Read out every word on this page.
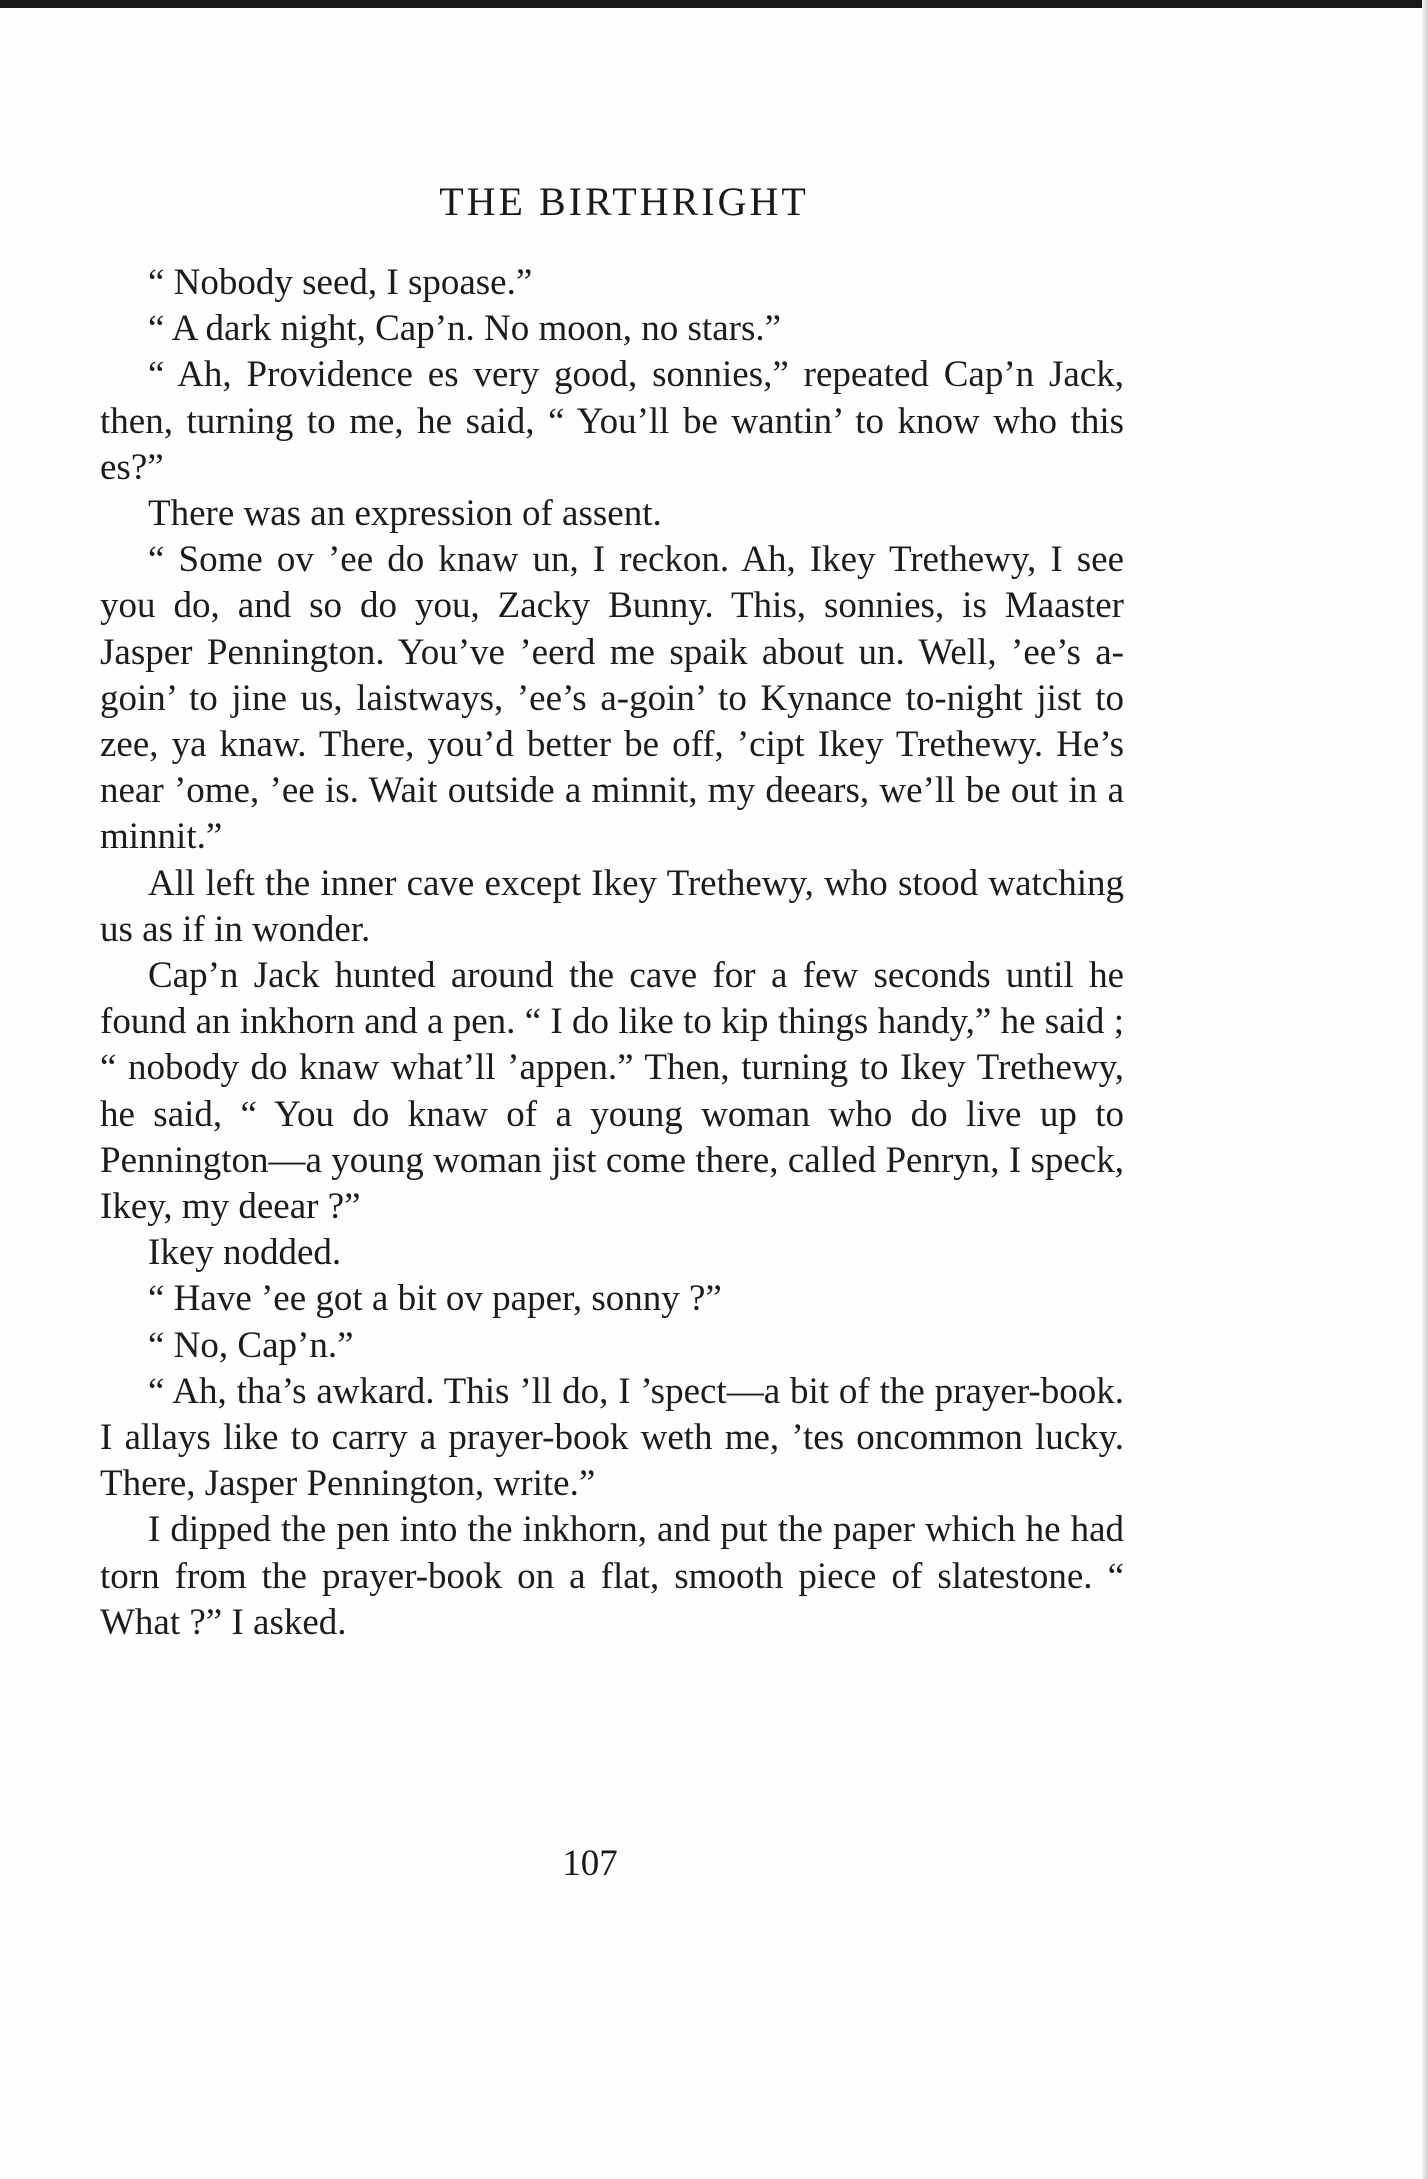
THE BIRTHRIGHT

“ Nobody seed, I spoase.”

“ A dark night, Cap’n. No moon, no stars.”

“ Ah, Providence es very good, sonnies,” repeated Cap’n Jack, then, turning to me, he said, “ You’ll be wantin’ to know who this es?”

There was an expression of assent.

“ Some ov ’ee do knaw un, I reckon. Ah, Ikey Trethewy, I see you do, and so do you, Zacky Bunny. This, sonnies, is Maaster Jasper Pennington. You’ve ’eerd me spaik about un. Well, ’ee’s a-goin’ to jine us, laistways, ’ee’s a-goin’ to Kynance to-night jist to zee, ya knaw. There, you’d better be off, ’cipt Ikey Trethewy. He’s near ’ome, ’ee is. Wait outside a minnit, my deears, we’ll be out in a minnit.”

All left the inner cave except Ikey Trethewy, who stood watching us as if in wonder.

Cap’n Jack hunted around the cave for a few seconds until he found an inkhorn and a pen. “ I do like to kip things handy,” he said ; “ nobody do knaw what’ll ’appen.” Then, turning to Ikey Trethewy, he said, “ You do knaw of a young woman who do live up to Pennington—a young woman jist come there, called Penryn, I speck, Ikey, my deear ?”

Ikey nodded.

“ Have ’ee got a bit ov paper, sonny ?”

“ No, Cap’n.”

“ Ah, tha’s awkard. This ’ll do, I ’spect—a bit of the prayer-book. I allays like to carry a prayer-book weth me, ’tes oncommon lucky. There, Jasper Pennington, write.”

I dipped the pen into the inkhorn, and put the paper which he had torn from the prayer-book on a flat, smooth piece of slatestone. “ What ?” I asked.

107
